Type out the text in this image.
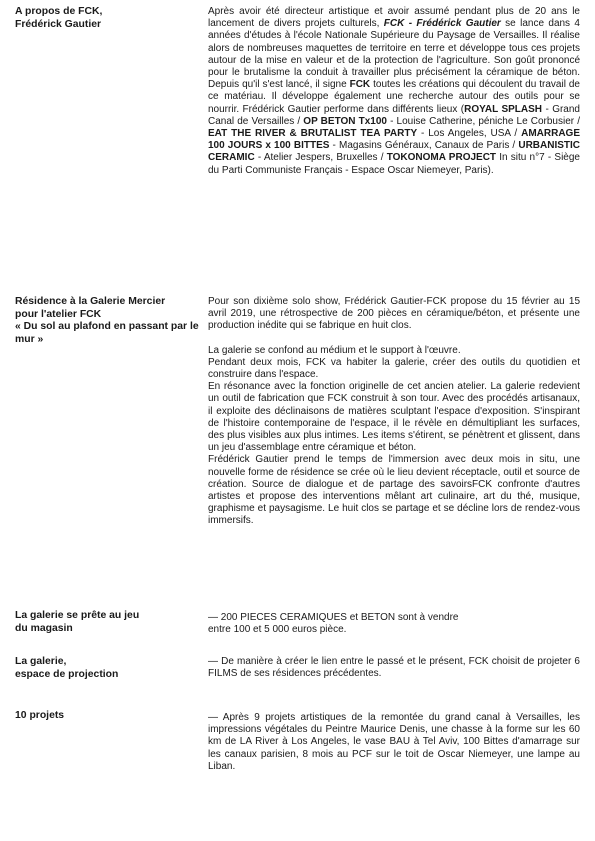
A propos de FCK,
Frédérick Gautier

Après avoir été directeur artistique et avoir assumé pendant plus de 20 ans le lancement de divers projets culturels, FCK - Frédérick Gautier se lance dans 4 années d'études à l'école Nationale Supérieure du Paysage de Versailles. Il réalise alors de nombreuses maquettes de territoire en terre et développe tous ces projets autour de la mise en valeur et de la protection de l'agriculture. Son goût prononcé pour le brutalisme la conduit à travailler plus précisément la céramique de béton. Depuis qu'il s'est lancé, il signe FCK toutes les créations qui découlent du travail de ce matériau. Il développe également une recherche autour des outils pour se nourrir. Frédérick Gautier performe dans différents lieux (ROYAL SPLASH - Grand Canal de Versailles / OP BETON Tx100 - Louise Catherine, péniche Le Corbusier / EAT THE RIVER & BRUTALIST TEA PARTY - Los Angeles, USA / AMARRAGE 100 JOURS x 100 BITTES - Magasins Généraux, Canaux de Paris / URBANISTIC CERAMIC - Atelier Jespers, Bruxelles / TOKONOMA PROJECT In situ n°7 - Siège du Parti Communiste Français - Espace Oscar Niemeyer, Paris).

Résidence à la Galerie Mercier
pour l'atelier FCK
« Du sol au plafond en passant par le mur »

Pour son dixième solo show, Frédérick Gautier-FCK propose du 15 février au 15 avril 2019, une rétrospective de 200 pièces en céramique/béton, et présente une production inédite qui se fabrique en huit clos.

La galerie se confond au médium et le support à l'œuvre.

Pendant deux mois, FCK va habiter la galerie, créer des outils du quotidien et construire dans l'espace.

En résonance avec la fonction originelle de cet ancien atelier. La galerie redevient un outil de fabrication que FCK construit à son tour. Avec des procédés artisanaux, il exploite des déclinaisons de matières sculptant l'espace d'exposition. S'inspirant de l'histoire contemporaine de l'espace, il le révèle en démultipliant les surfaces, des plus visibles aux plus intimes. Les items s'étirent, se pénètrent et glissent, dans un jeu d'assemblage entre céramique et béton.

Frédérick Gautier prend le temps de l'immersion avec deux mois in situ, une nouvelle forme de résidence se crée où le lieu devient réceptacle, outil et source de création. Source de dialogue et de partage des savoirsFCK confronte d'autres artistes et propose des interventions mêlant art culinaire, art du thé, musique, graphisme et paysagisme. Le huit clos se partage et se décline lors de rendez-vous immersifs.

La galerie se prête au jeu
du magasin

— 200 PIECES CERAMIQUES et BETON sont à vendre

entre 100 et 5 000 euros pièce.

La galerie,
espace de projection

— De manière à créer le lien entre le passé et le présent, FCK choisit de projeter 6 FILMS de ses résidences précédentes.

10 projets	— Après 9 projets artistiques de la remontée du grand canal à Versailles, les impressions végétales du Peintre Maurice Denis, une chasse à la forme sur les 60 km de LA River à Los Angeles, le vase BAU à Tel Aviv, 100 Bittes d'amarrage sur les canaux parisien, 8 mois au PCF sur le toit de Oscar Niemeyer, une lampe au Liban.
